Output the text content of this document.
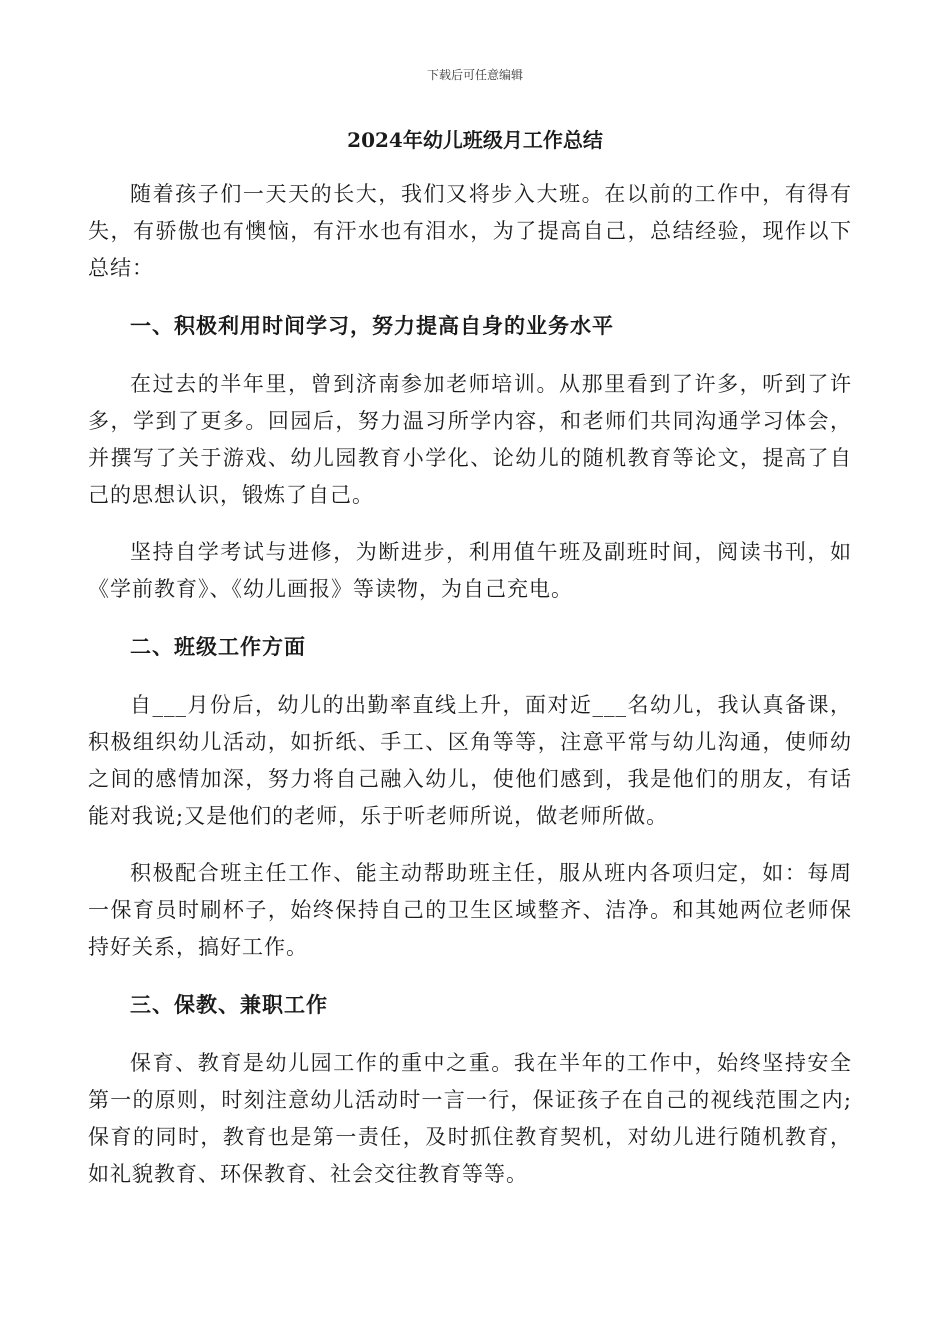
下载后可任意编辑
2024年幼儿班级月工作总结

随着孩子们一天天的长大，我们又将步入大班。在以前的工作中，有得有失，有骄傲也有懊恼，有汗水也有泪水，为了提高自己，总结经验，现作以下总结：

一、积极利用时间学习，努力提高自身的业务水平

在过去的半年里，曾到济南参加老师培训。从那里看到了许多，听到了许多，学到了更多。回园后，努力温习所学内容，和老师们共同沟通学习体会，并撰写了关于游戏、幼儿园教育小学化、论幼儿的随机教育等论文，提高了自己的思想认识，锻炼了自己。

坚持自学考试与进修，为断进步，利用值午班及副班时间，阅读书刊，如《学前教育》、《幼儿画报》等读物，为自己充电。

二、班级工作方面

自___月份后，幼儿的出勤率直线上升，面对近___名幼儿，我认真备课，积极组织幼儿活动，如折纸、手工、区角等等，注意平常与幼儿沟通，使师幼之间的感情加深，努力将自己融入幼儿，使他们感到，我是他们的朋友，有话能对我说;又是他们的老师，乐于听老师所说，做老师所做。

积极配合班主任工作、能主动帮助班主任，服从班内各项归定，如：每周一保育员时刷杯子，始终保持自己的卫生区域整齐、洁净。和其她两位老师保持好关系，搞好工作。

三、保教、兼职工作

保育、教育是幼儿园工作的重中之重。我在半年的工作中，始终坚持安全第一的原则，时刻注意幼儿活动时一言一行，保证孩子在自己的视线范围之内;保育的同时，教育也是第一责任，及时抓住教育契机，对幼儿进行随机教育，如礼貌教育、环保教育、社会交往教育等等。
